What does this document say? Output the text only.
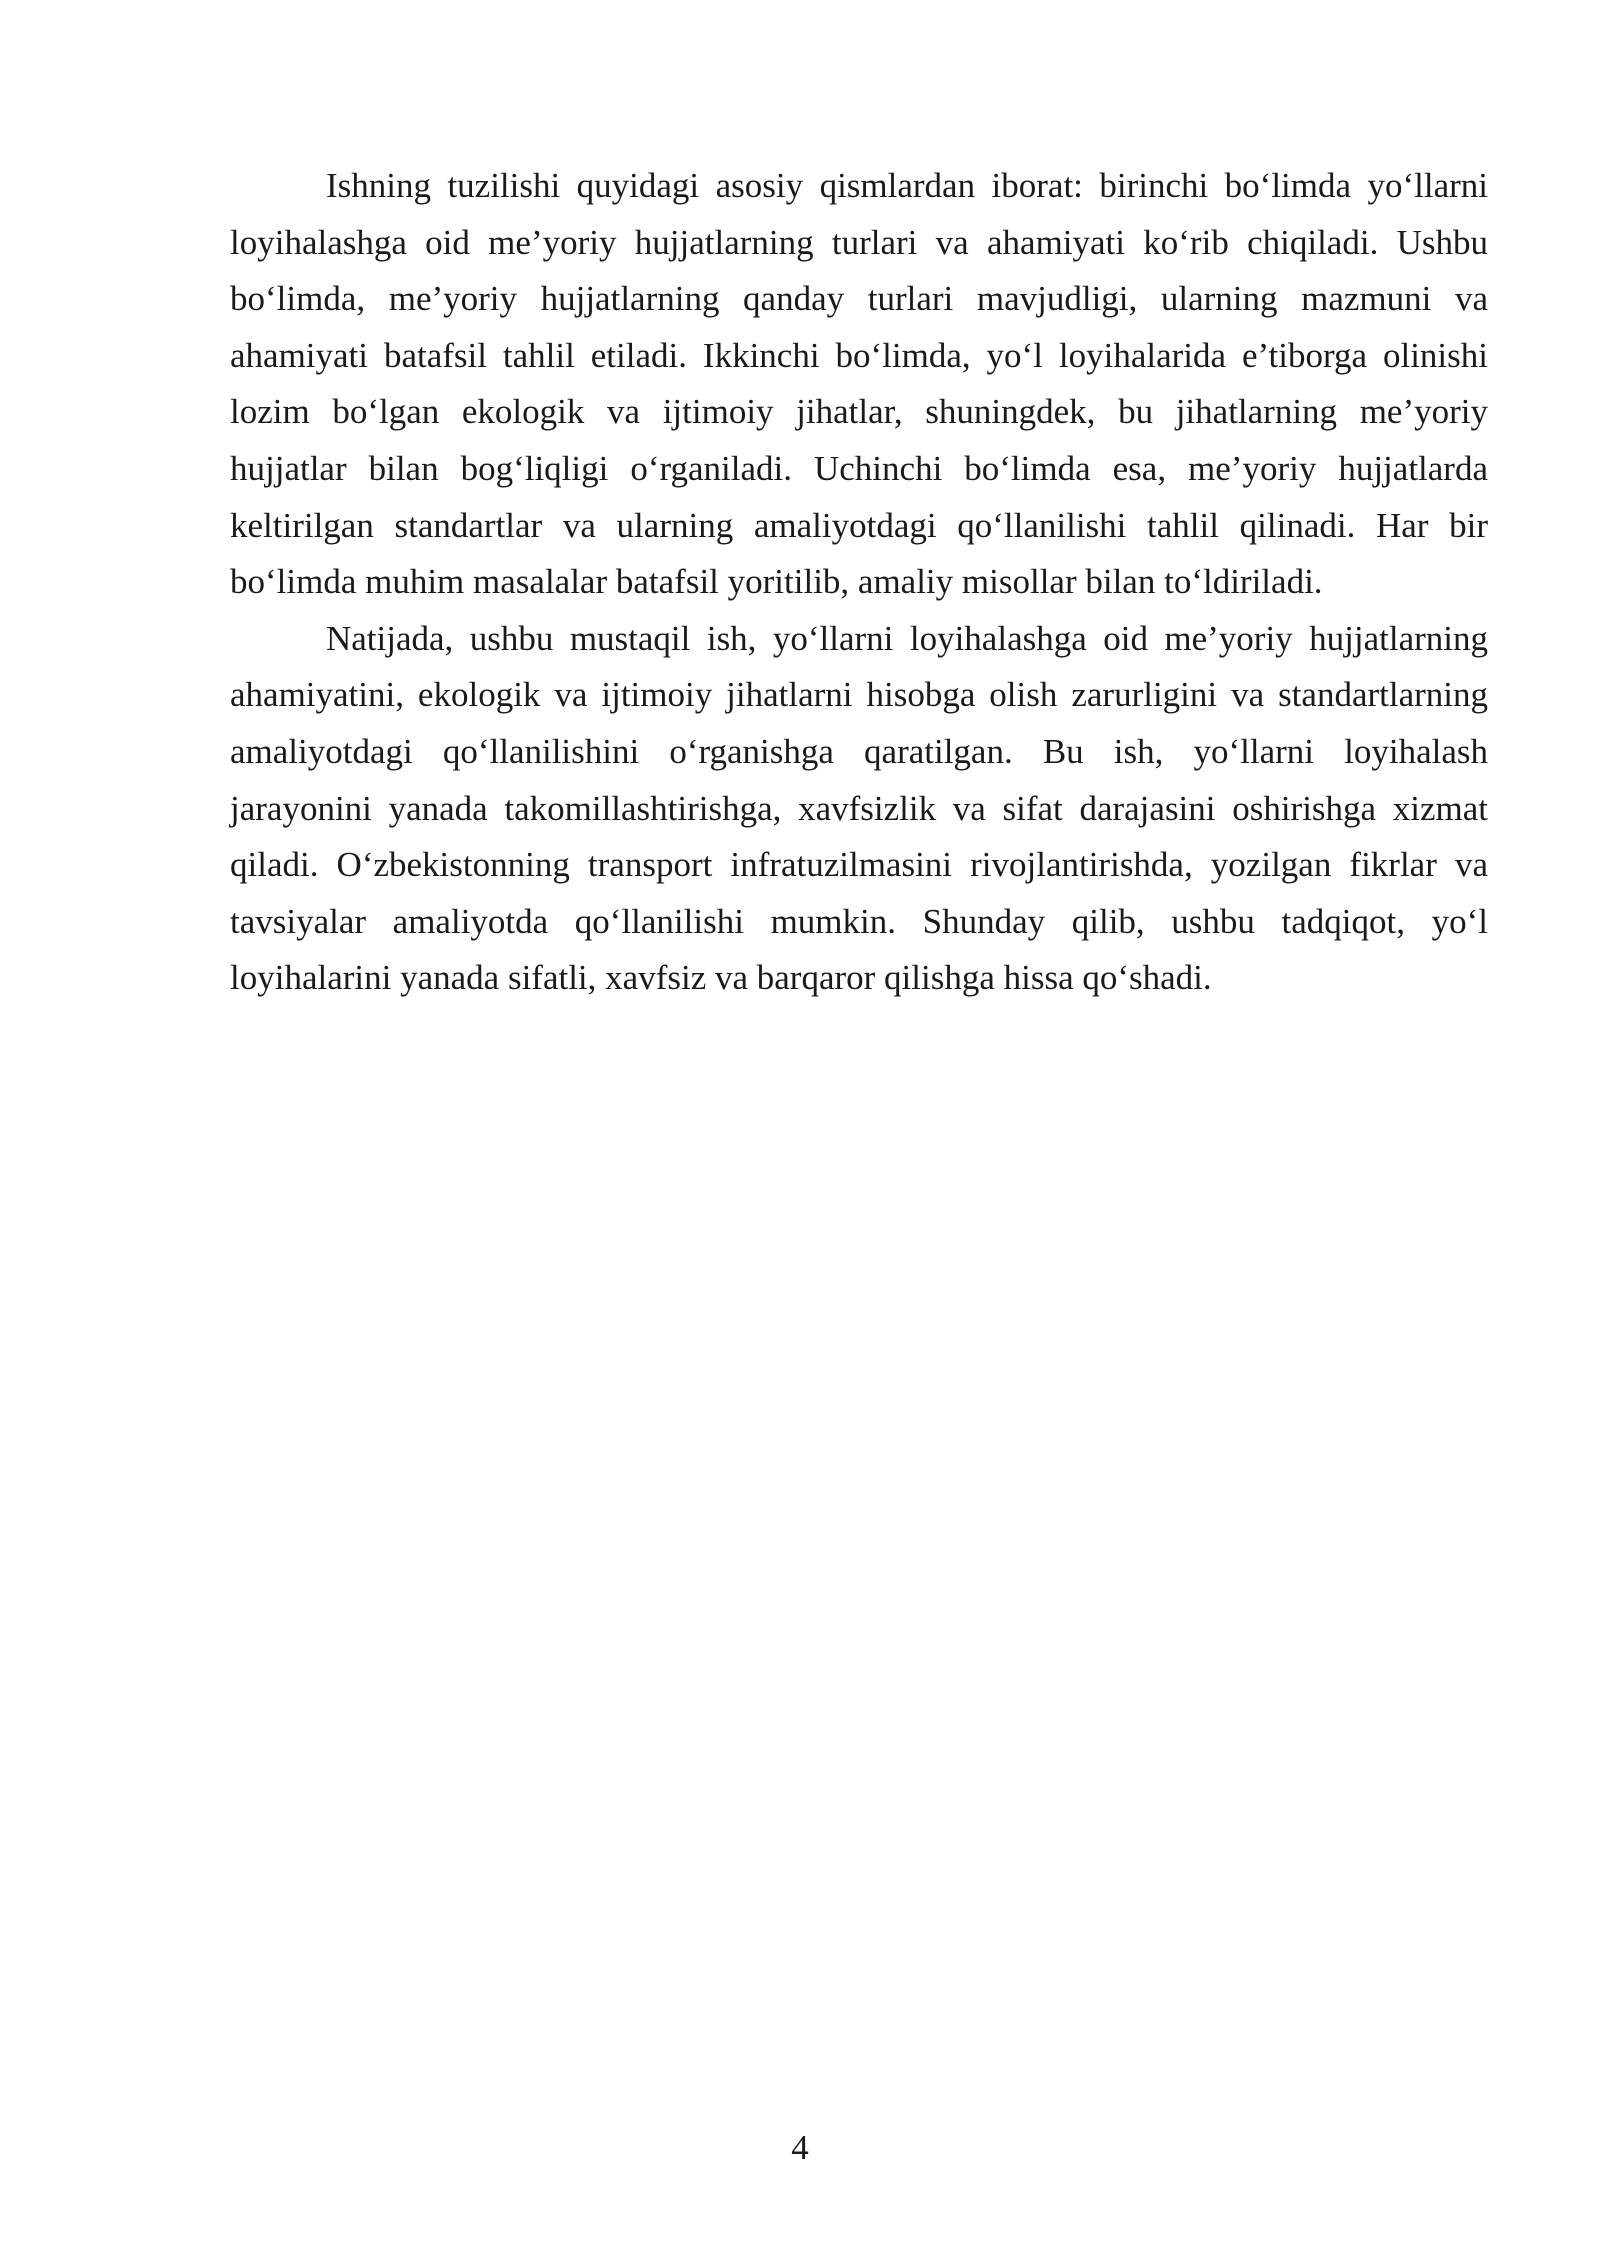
Ishning tuzilishi quyidagi asosiy qismlardan iborat: birinchi bo‘limda yo‘llarni loyihalashga oid me’yoriy hujjatlarning turlari va ahamiyati ko‘rib chiqiladi. Ushbu bo‘limda, me’yoriy hujjatlarning qanday turlari mavjudligi, ularning mazmuni va ahamiyati batafsil tahlil etiladi. Ikkinchi bo‘limda, yo‘l loyihalarida e’tiborga olinishi lozim bo‘lgan ekologik va ijtimoiy jihatlar, shuningdek, bu jihatlarning me’yoriy hujjatlar bilan bog‘liqligi o‘rganiladi. Uchinchi bo‘limda esa, me’yoriy hujjatlarda keltirilgan standartlar va ularning amaliyotdagi qo‘llanilishi tahlil qilinadi. Har bir bo‘limda muhim masalalar batafsil yoritilib, amaliy misollar bilan to‘ldiriladi.

Natijada, ushbu mustaqil ish, yo‘llarni loyihalashga oid me’yoriy hujjatlarning ahamiyatini, ekologik va ijtimoiy jihatlarni hisobga olish zarurligini va standartlarning amaliyotdagi qo‘llanilishini o‘rganishga qaratilgan. Bu ish, yo‘llarni loyihalash jarayonini yanada takomillashtirishga, xavfsizlik va sifat darajasini oshirishga xizmat qiladi. O‘zbekistonning transport infratuzilmasini rivojlantirishda, yozilgan fikrlar va tavsiyalar amaliyotda qo‘llanilishi mumkin. Shunday qilib, ushbu tadqiqot, yo‘l loyihalarini yanada sifatli, xavfsiz va barqaror qilishga hissa qo‘shadi.

4
